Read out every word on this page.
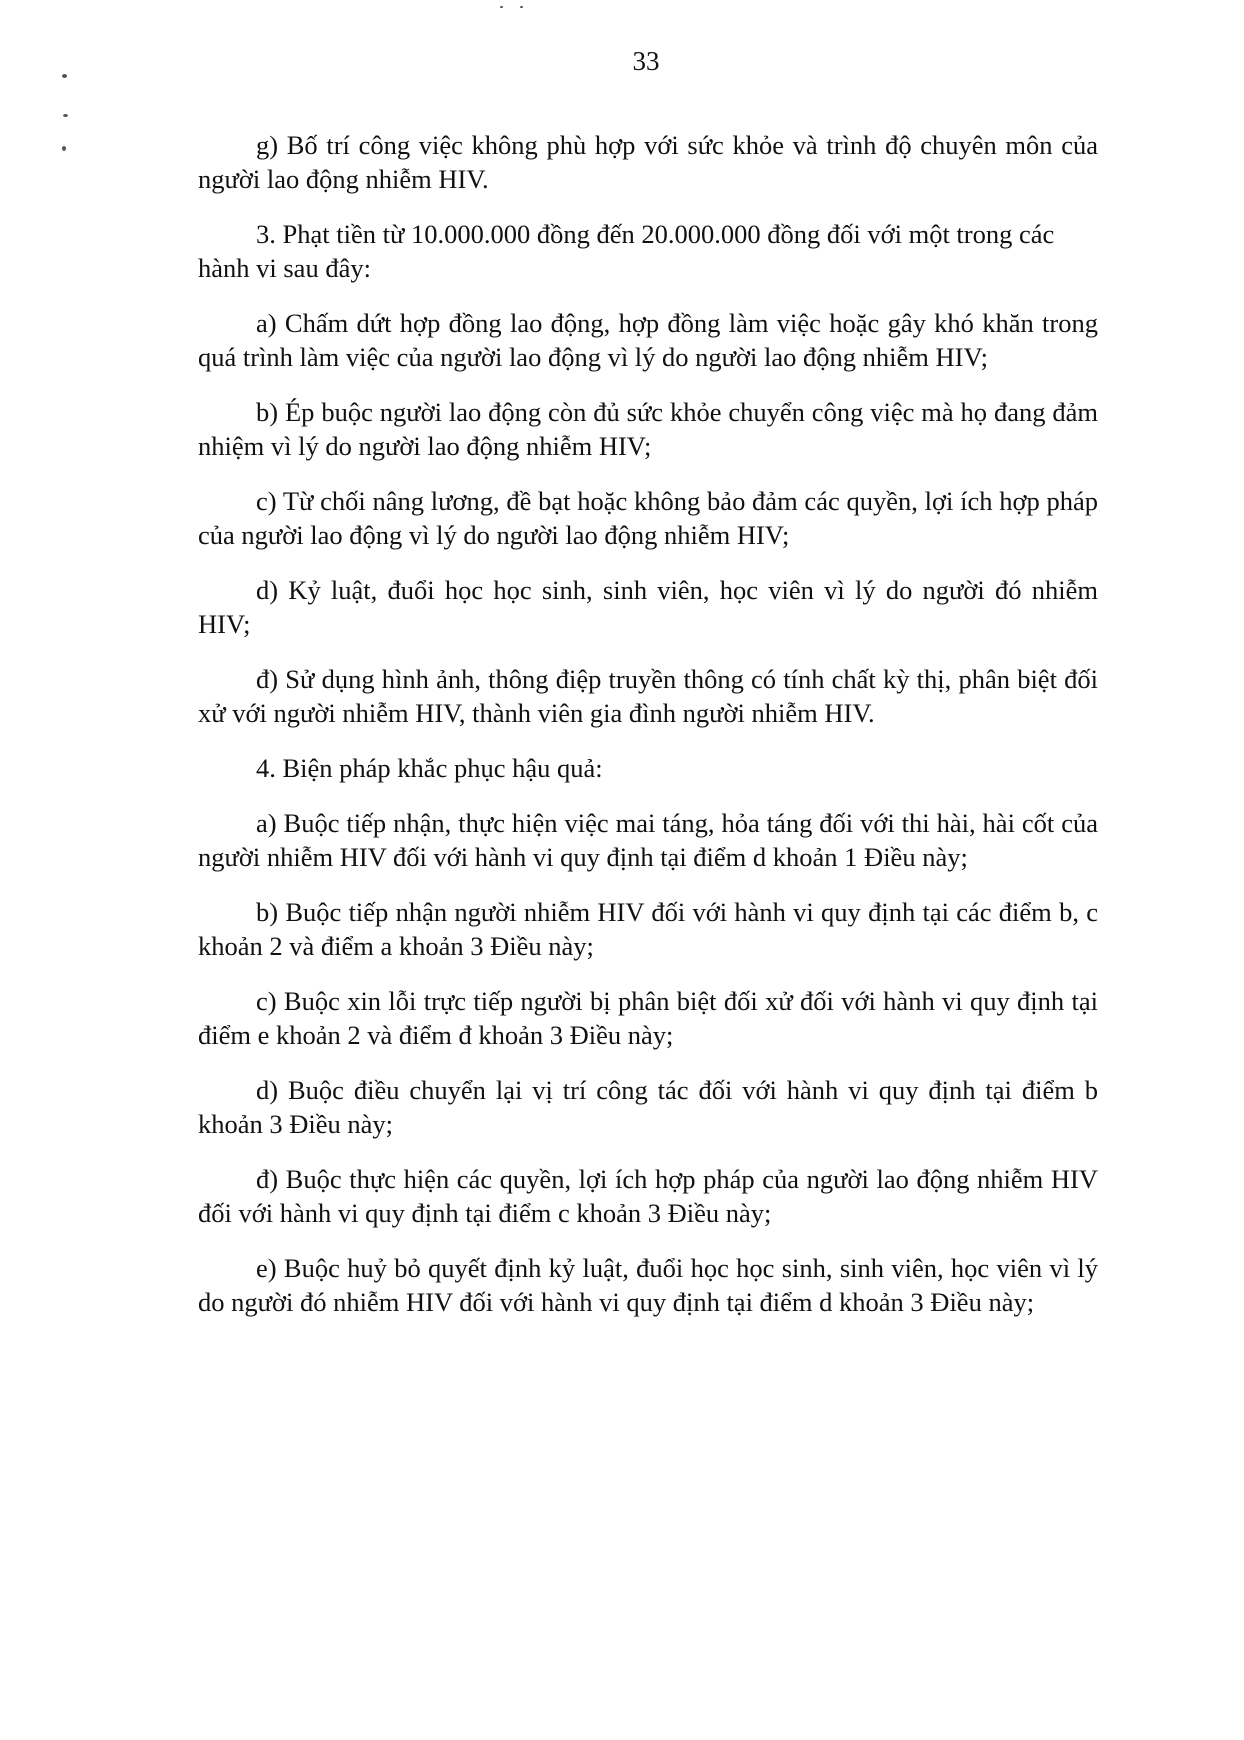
33

g) Bố trí công việc không phù hợp với sức khỏe và trình độ chuyên môn của người lao động nhiễm HIV.

3. Phạt tiền từ 10.000.000 đồng đến 20.000.000 đồng đối với một trong các hành vi sau đây:

a) Chấm dứt hợp đồng lao động, hợp đồng làm việc hoặc gây khó khăn trong quá trình làm việc của người lao động vì lý do người lao động nhiễm HIV;

b) Ép buộc người lao động còn đủ sức khỏe chuyển công việc mà họ đang đảm nhiệm vì lý do người lao động nhiễm HIV;

c) Từ chối nâng lương, đề bạt hoặc không bảo đảm các quyền, lợi ích hợp pháp của người lao động vì lý do người lao động nhiễm HIV;

d) Kỷ luật, đuổi học học sinh, sinh viên, học viên vì lý do người đó nhiễm HIV;

đ) Sử dụng hình ảnh, thông điệp truyền thông có tính chất kỳ thị, phân biệt đối xử với người nhiễm HIV, thành viên gia đình người nhiễm HIV.

4. Biện pháp khắc phục hậu quả:

a) Buộc tiếp nhận, thực hiện việc mai táng, hỏa táng đối với thi hài, hài cốt của người nhiễm HIV đối với hành vi quy định tại điểm d khoản 1 Điều này;

b) Buộc tiếp nhận người nhiễm HIV đối với hành vi quy định tại các điểm b, c khoản 2 và điểm a khoản 3 Điều này;

c) Buộc xin lỗi trực tiếp người bị phân biệt đối xử đối với hành vi quy định tại điểm e khoản 2 và điểm đ khoản 3 Điều này;

d) Buộc điều chuyển lại vị trí công tác đối với hành vi quy định tại điểm b khoản 3 Điều này;

đ) Buộc thực hiện các quyền, lợi ích hợp pháp của người lao động nhiễm HIV đối với hành vi quy định tại điểm c khoản 3 Điều này;

e) Buộc huỷ bỏ quyết định kỷ luật, đuổi học học sinh, sinh viên, học viên vì lý do người đó nhiễm HIV đối với hành vi quy định tại điểm d khoản 3 Điều này;
